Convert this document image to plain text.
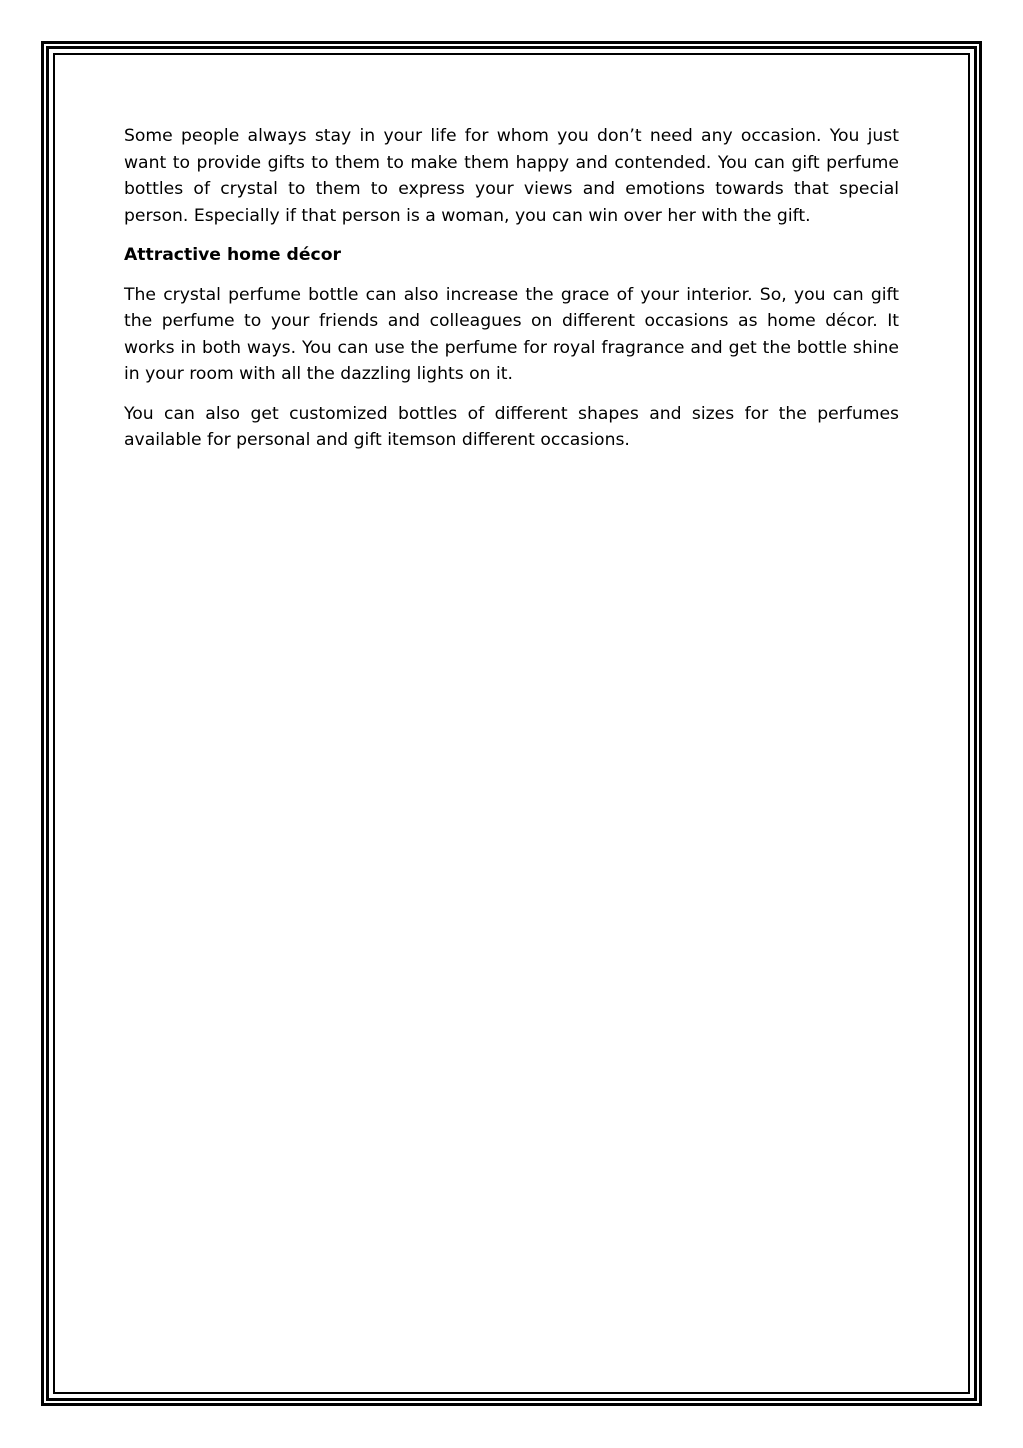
Some people always stay in your life for whom you don’t need any occasion. You just want to provide gifts to them to make them happy and contended. You can gift perfume bottles of crystal to them to express your views and emotions towards that special person. Especially if that person is a woman, you can win over her with the gift.

Attractive home décor

The crystal perfume bottle can also increase the grace of your interior. So, you can gift the perfume to your friends and colleagues on different occasions as home décor. It works in both ways. You can use the perfume for royal fragrance and get the bottle shine in your room with all the dazzling lights on it.

You can also get customized bottles of different shapes and sizes for the perfumes available for personal and gift itemson different occasions.
